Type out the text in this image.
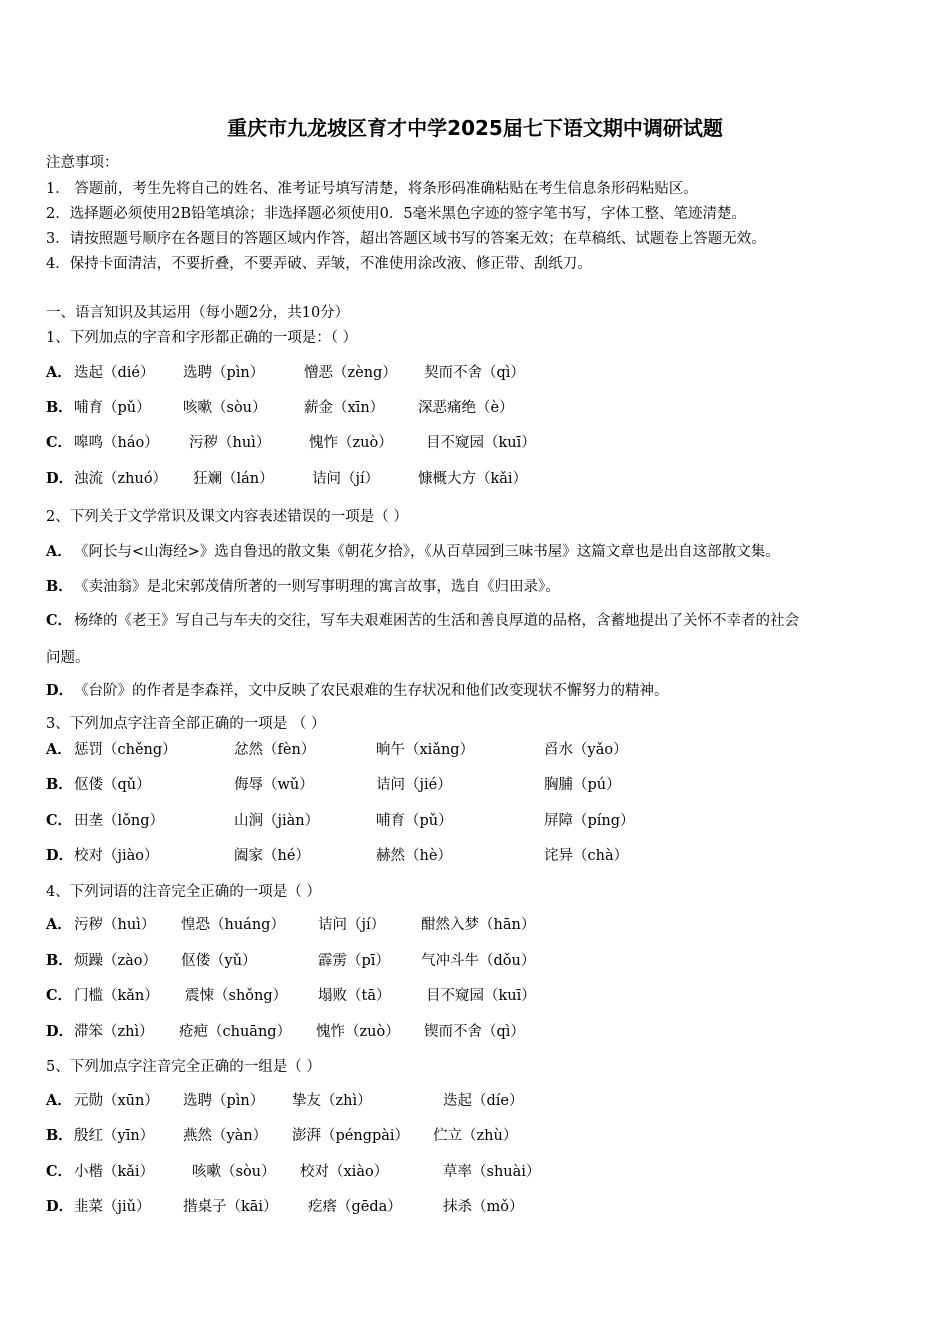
重庆市九龙坡区育才中学2025届七下语文期中调研试题
注意事项：
1． 答题前，考生先将自己的姓名、准考证号填写清楚，将条形码准确粘贴在考生信息条形码粘贴区。
2．选择题必须使用2B铅笔填涂；非选择题必须使用0．5毫米黑色字迹的签字笔书写，字体工整、笔迹清楚。
3．请按照题号顺序在各题目的答题区域内作答，超出答题区域书写的答案无效；在草稿纸、试题卷上答题无效。
4．保持卡面清洁，不要折叠，不要弄破、弄皱，不准使用涂改液、修正带、刮纸刀。
一、语言知识及其运用（每小题2分，共10分）
1、下列加点的字音和字形都正确的一项是：（ ）
A． 迭起（dié） 选聘（pìn）	憎恶（zèng） 契而不舍（qì）
B． 哺育（pǔ） 咳嗽（sòu）	薪金（xīn） 深恶痛绝（è）
C． 嗥鸣（háo） 污秽（huì）	愧怍（zuò） 目不窥园（kuī）
D． 浊流（zhuó） 狂斓（lán）	诘问（jí）	慷概大方（kǎi）
2、下列关于文学常识及课文内容表述错误的一项是（ ）
A． 《阿长与<山海经>》选自鲁迅的散文集《朝花夕拾》，《从百草园到三味书屋》这篇文章也是出自这部散文集。
B．《卖油翁》是北宋郭茂倩所著的一则写事明理的寓言故事，选自《归田录》。
C． 杨绛的《老王》写自己与车夫的交往，写车夫艰难困苦的生活和善良厚道的品格，含蓄地提出了关怀不幸者的社会
问题。
D．《台阶》的作者是李森祥，文中反映了农民艰难的生存状况和他们改变现状不懈努力的精神。
3、下列加点字注音全部正确的一项是 （ ）
A． 惩罚（chěng）	忿然（fèn）	晌午（xiǎng）	舀水（yǎo）
B． 伛偻（qǔ）	侮辱（wǔ）	诘问（jié）	胸脯（pú）
C． 田垄（lǒng）	山涧（jiàn）	哺育（pǔ）	屏障（píng）
D． 校对（jiào）	阖家（hé）	赫然（hè）	诧异（chà）
4、下列词语的注音完全正确的一项是（ ）
A． 污秽（huì） 惶恐（huáng） 诘问（jí） 酣然入梦（hān）
B． 烦躁（zào） 伛偻（yǔ）	霹雳（pī） 气冲斗牛（dǒu）
C． 门槛（kǎn） 震悚（shǒng） 塌败（tā） 目不窥园（kuī）
D． 滞笨（zhì） 疮疤（chuāng） 愧怍（zuò） 锲而不舍（qì）
5、下列加点字注音完全正确的一组是（ ）
A． 元勋（xūn） 选聘（pìn） 挚友（zhì）	迭起（díe）
B． 殷红（yīn） 燕然（yàn） 澎湃（péngpài） 伫立（zhù）
C． 小楷（kǎi）	咳嗽（sòu） 校对（xiào）	草率（shuài）
D． 韭菜（jiǔ） 揩桌子（kāi） 疙瘩（gēda）	抹杀（mǒ）
